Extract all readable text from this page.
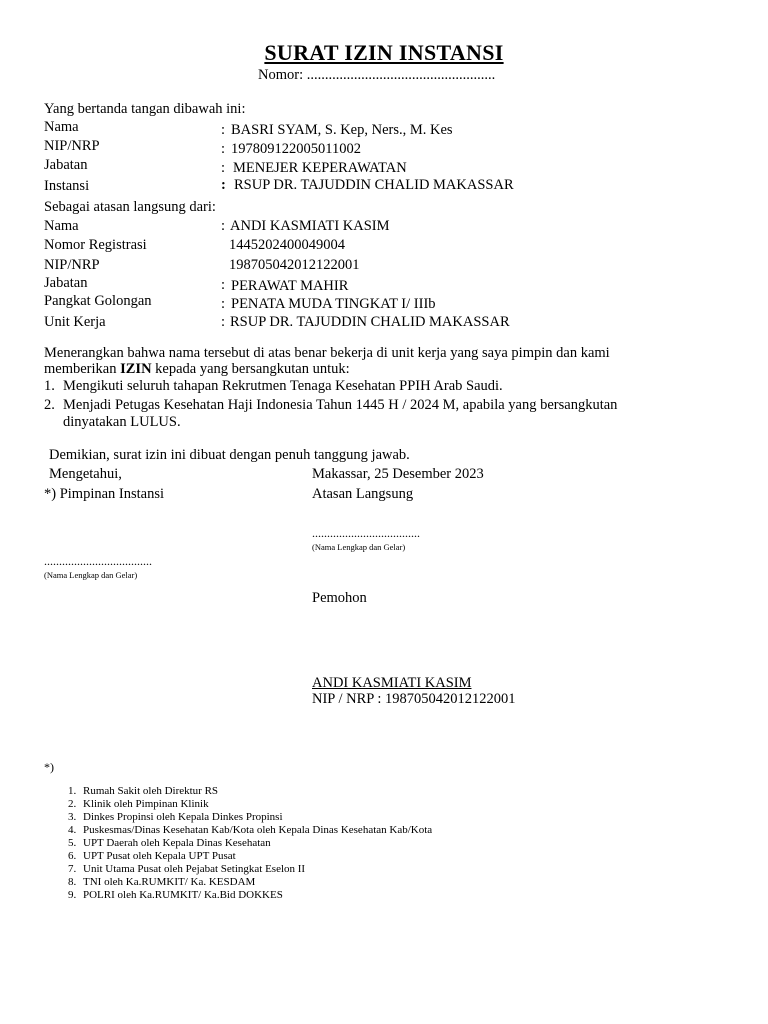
SURAT IZIN INSTANSI
Nomor: ....................................................
Yang bertanda tangan dibawah ini:
Nama	: BASRI SYAM, S. Kep, Ners., M. Kes
NIP/NRP	: 197809122005011002
Jabatan	: MENEJER KEPERAWATAN
Instansi	: RSUP DR. TAJUDDIN CHALID MAKASSAR
Sebagai atasan langsung dari:
Nama	: ANDI KASMIATI KASIM
Nomor Registrasi	1445202400049004
NIP/NRP	198705042012122001
Jabatan	: PERAWAT MAHIR
Pangkat Golongan	: PENATA MUDA TINGKAT I/ IIIb
Unit Kerja	: RSUP DR. TAJUDDIN CHALID MAKASSAR
Menerangkan bahwa nama tersebut di atas benar bekerja di unit kerja yang saya pimpin dan kami
memberikan IZIN kepada yang bersangkutan untuk:
1. Mengikuti seluruh tahapan Rekrutmen Tenaga Kesehatan PPIH Arab Saudi.
2. Menjadi Petugas Kesehatan Haji Indonesia Tahun 1445 H / 2024 M, apabila yang bersangkutan
dinyatakan LULUS.
Demikian, surat izin ini dibuat dengan penuh tanggung jawab.
Mengetahui,
*) Pimpinan Instansi
Makassar, 25 Desember 2023
Atasan Langsung
....................................
(Nama Lengkap dan Gelar)
....................................
(Nama Lengkap dan Gelar)
Pemohon
ANDI KASMIATI KASIM
NIP / NRP : 198705042012122001
*)
1. Rumah Sakit oleh Direktur RS
2. Klinik oleh Pimpinan Klinik
3. Dinkes Propinsi oleh Kepala Dinkes Propinsi
4. Puskesmas/Dinas Kesehatan Kab/Kota oleh Kepala Dinas Kesehatan Kab/Kota
5. UPT Daerah oleh Kepala Dinas Kesehatan
6. UPT Pusat oleh Kepala UPT Pusat
7. Unit Utama Pusat oleh Pejabat Setingkat Eselon II
8. TNI oleh Ka.RUMKIT/ Ka. KESDAM
9. POLRI oleh Ka.RUMKIT/ Ka.Bid DOKKES
